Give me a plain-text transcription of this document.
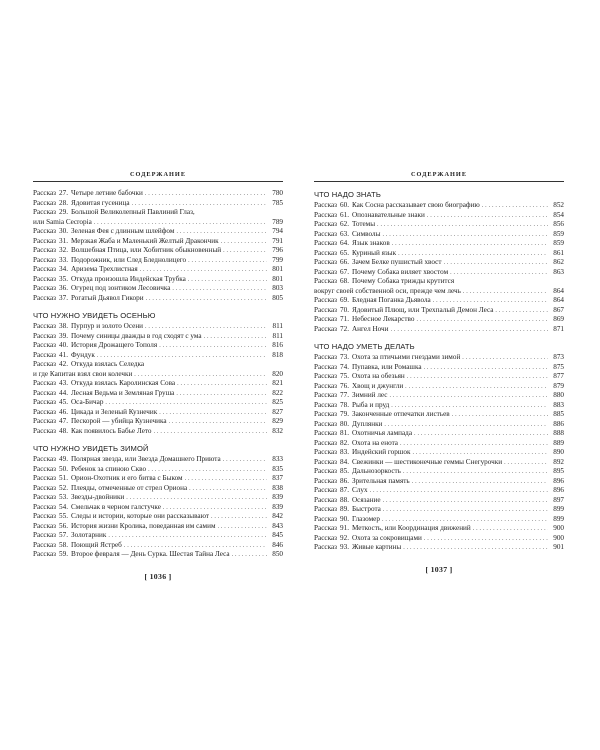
СОДЕРЖАНИЕ
Рассказ 27. Четыре летние бабочки . . .	780
Рассказ 28. Ядовитая гусеница . . .	785
Рассказ 29. Большой Великолепный Павлиний Глаз,
или Samia Cecropia . . .	789
Рассказ 30. Зеленая Фея с длинным шлейфом . . .	794
Рассказ 31. Мерзкая Жаба и Маленький Желтый Дракончик . . .	791
Рассказ 32. Волшебная Птица, или Хобитник обыкновенный . . .	796
Рассказ 33. Подорожник, или След Бледнолицего . . .	799
Рассказ 34. Аризема Трехлистная . . .	801
Рассказ 35. Откуда произошла Индейская Трубка . . .	801
Рассказ 36. Огурец под зонтиком Лесовичка . . .	803
Рассказ 37. Рогатый Дьявол Гикори . . .	805
ЧТО НУЖНО УВИДЕТЬ ОСЕНЬЮ
Рассказ 38. Пурпур и золото Осени . . .	811
Рассказ 39. Почему синицы дважды в год сходят с ума . . .	811
Рассказ 40. История Дрожащего Тополя . . .	816
Рассказ 41. Фундук . . .	818
Рассказ 42. Откуда взялась Селедка
и где Капитан взял свои колечки . . .	820
Рассказ 43. Откуда взялась Каролинская Сова . . .	821
Рассказ 44. Лесная Ведьма и Земляная Груша . . .	822
Рассказ 45. Оса-Бичар . . .	825
Рассказ 46. Цикада и Зеленый Кузнечик . . .	827
Рассказ 47. Пескорой — убийца Кузнечика . . .	829
Рассказ 48. Как появилось Бабье Лето . . .	832
ЧТО НУЖНО УВИДЕТЬ ЗИМОЙ
Рассказ 49. Полярная звезда, или Звезда Домашнего Приюта . . .	833
Рассказ 50. Ребенок за спиною Скво . . .	835
Рассказ 51. Орион-Охотник и его битва с Быком . . .	837
Рассказ 52. Плеяды, отмеченные от стрел Ориона . . .	838
Рассказ 53. Звезды-двойники . . .	839
Рассказ 54. Смельчак в черном галстучке . . .	839
Рассказ 55. Следы и истории, которые они рассказывают . . .	842
Рассказ 56. История жизни Кролика, поведанная им самим . . .	843
Рассказ 57. Золотарник . . .	845
Рассказ 58. Поющий Ястреб . . .	846
Рассказ 59. Второе февраля — День Сурка. Шестая Тайна Леса . . .	850
[ 1036 ]
СОДЕРЖАНИЕ
ЧТО НАДО ЗНАТЬ
Рассказ 60. Как Сосна рассказывает свою биографию . . .	852
Рассказ 61. Опознавательные знаки . . .	854
Рассказ 62. Тотемы . . .	856
Рассказ 63. Символы . . .	859
Рассказ 64. Язык знаков . . .	859
Рассказ 65. Куриный язык . . .	861
Рассказ 66. Зачем Белке пушистый хвост . . .	862
Рассказ 67. Почему Собака виляет хвостом . . .	863
Рассказ 68. Почему Собака трижды крутится
вокруг своей собственной оси, прежде чем лечь . . .	864
Рассказ 69. Бледная Поганка Дьявола . . .	864
Рассказ 70. Ядовитый Плющ, или Трехпалый Демон Леса . . .	867
Рассказ 71. Небесное Лекарство . . .	869
Рассказ 72. Ангел Ночи . . .	871
ЧТО НАДО УМЕТЬ ДЕЛАТЬ
Рассказ 73. Охота за птичьими гнездами зимой . . .	873
Рассказ 74. Пупавка, или Ромашка . . .	875
Рассказ 75. Охота на обезьян . . .	877
Рассказ 76. Хвощ и джунгли . . .	879
Рассказ 77. Зимний лес . . .	880
Рассказ 78. Рыба и пруд . . .	883
Рассказ 79. Законченные отпечатки листьев . . .	885
Рассказ 80. Дуплянки . . .	886
Рассказ 81. Охотничья лампада . . .	888
Рассказ 82. Охота на енота . . .	889
Рассказ 83. Индейский горшок . . .	890
Рассказ 84. Свежинки — шестиконечные геммы Снегурочки . . .	892
Рассказ 85. Дальнозоркость . . .	895
Рассказ 86. Зрительная память . . .	896
Рассказ 87. Слух . . .	896
Рассказ 88. Осязание . . .	897
Рассказ 89. Быстрота . . .	899
Рассказ 90. Глазомер . . .	899
Рассказ 91. Меткость, или Координация движений . . .	900
Рассказ 92. Охота за сокровищами . . .	900
Рассказ 93. Живые картины . . .	901
[ 1037 ]
